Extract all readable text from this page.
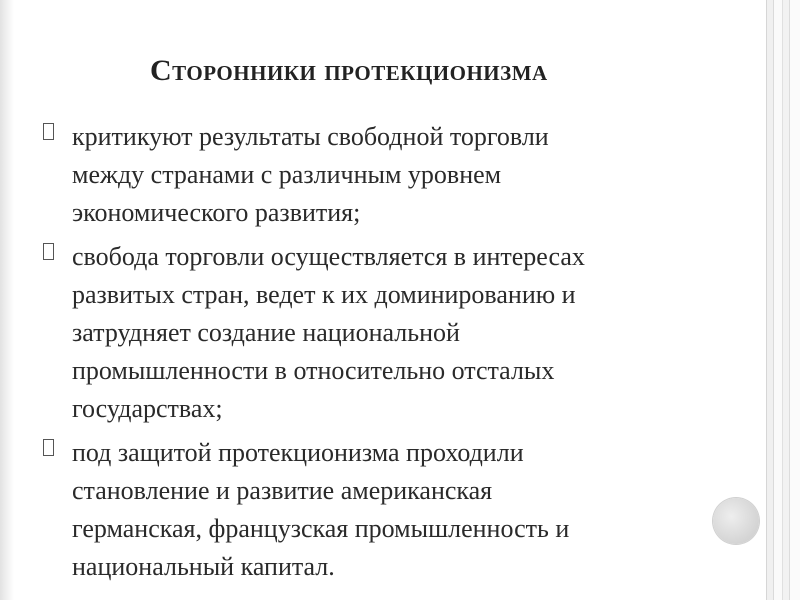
Сторонники протекционизма
критикуют результаты свободной торговли
между странами с различным уровнем
экономического развития;
свобода торговли осуществляется в интересах
развитых стран, ведет к их доминированию и
затрудняет создание национальной
промышленности в относительно отсталых
государствах;
под защитой протекционизма проходили
становление и развитие американская
германская, французская промышленность и
национальный капитал.
